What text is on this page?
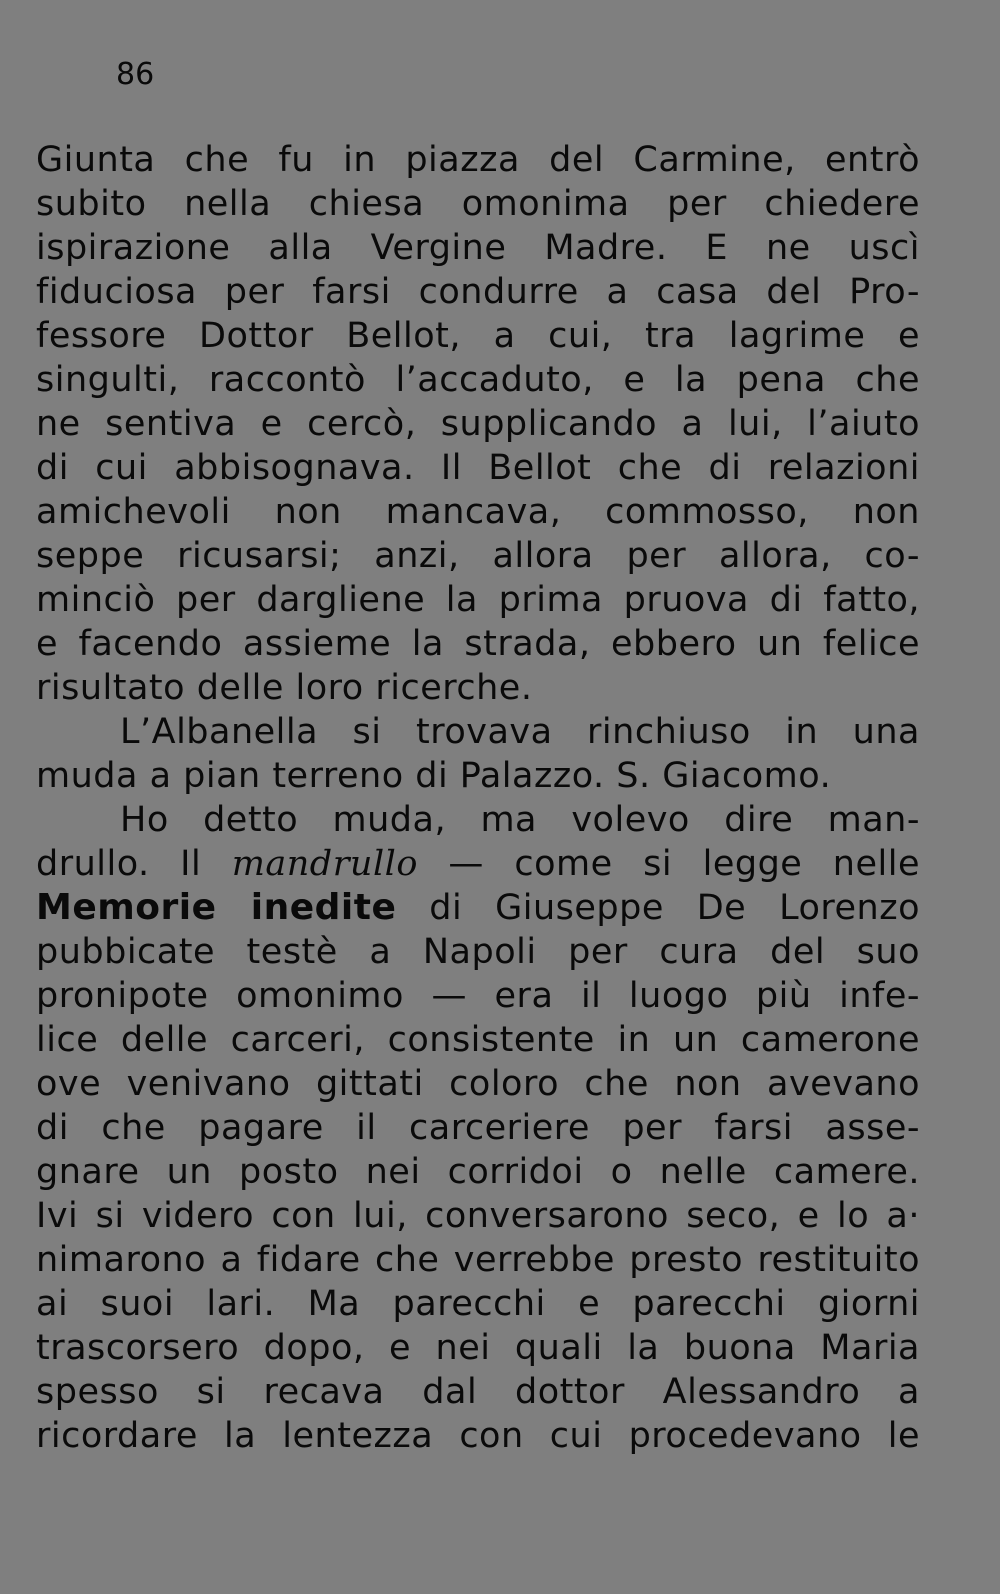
86
Giunta che fu in piazza del Carmine, entrò
subito nella chiesa omonima per chiedere
ispirazione alla Vergine Madre. E ne uscì
fiduciosa per farsi condurre a casa del Pro-
fessore Dottor Bellot, a cui, tra lagrime e
singulti, raccontò l’accaduto, e la pena che
ne sentiva e cercò, supplicando a lui, l’aiuto
di cui abbisognava. Il Bellot che di relazioni
amichevoli non mancava, commosso, non
seppe ricusarsi; anzi, allora per allora, co-
minciò per dargliene la prima pruova di fatto,
e facendo assieme la strada, ebbero un felice
risultato delle loro ricerche.
L’Albanella si trovava rinchiuso in una
muda a pian terreno di Palazzo. S. Giacomo.
Ho detto muda, ma volevo dire man-
drullo. Il mandrullo — come si legge nelle
Memorie inedite di Giuseppe De Lorenzo
pubbicate testè a Napoli per cura del suo
pronipote omonimo — era il luogo più infe-
lice delle carceri, consistente in un camerone
ove venivano gittati coloro che non avevano
di che pagare il carceriere per farsi asse-
gnare un posto nei corridoi o nelle camere.
Ivi si videro con lui, conversarono seco, e lo a·
nimarono a fidare che verrebbe presto restituito
ai suoi lari. Ma parecchi e parecchi giorni
trascorsero dopo, e nei quali la buona Maria
spesso si recava dal dottor Alessandro a
ricordare la lentezza con cui procedevano le
